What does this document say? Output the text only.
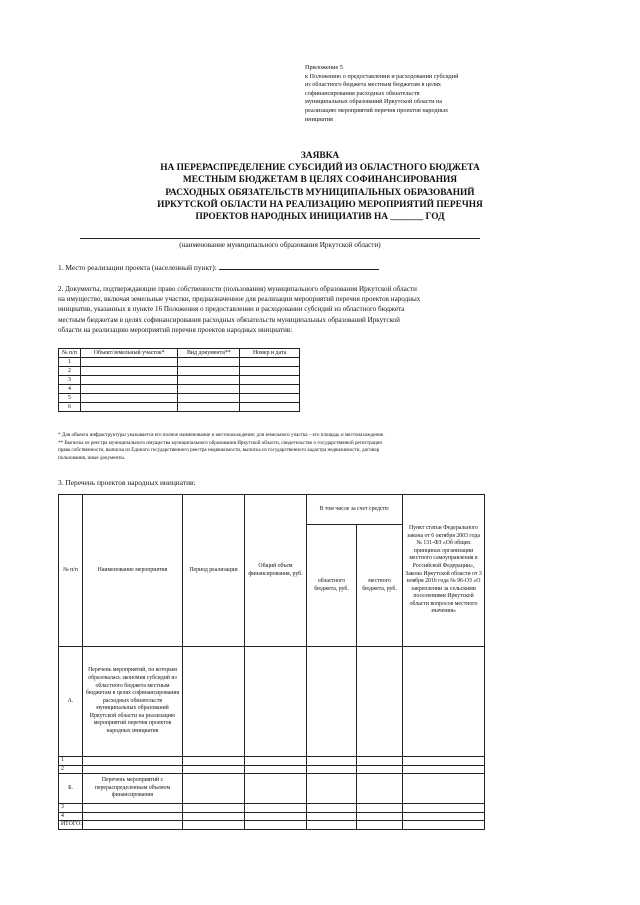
Приложение 5
к Положению о предоставлении и расходовании субсидий
из областного бюджета местным бюджетам в целях
софинансирования расходных обязательств
муниципальных образований Иркутской области на
реализацию мероприятий перечня проектов народных
инициатив
ЗАЯВКА
НА ПЕРЕРАСПРЕДЕЛЕНИЕ СУБСИДИЙ ИЗ ОБЛАСТНОГО БЮДЖЕТА
МЕСТНЫМ БЮДЖЕТАМ В ЦЕЛЯХ СОФИНАНСИРОВАНИЯ
РАСХОДНЫХ ОБЯЗАТЕЛЬСТВ МУНИЦИПАЛЬНЫХ ОБРАЗОВАНИЙ
ИРКУТСКОЙ ОБЛАСТИ НА РЕАЛИЗАЦИЮ МЕРОПРИЯТИЙ ПЕРЕЧНЯ
ПРОЕКТОВ НАРОДНЫХ ИНИЦИАТИВ НА _______ ГОД
(наименование муниципального образования Иркутской области)
1. Место реализации проекта (населенный пункт):
2. Документы, подтверждающие право собственности (пользования) муниципального образования Иркутской области
на имущество, включая земельные участки, предназначенное для реализации мероприятий перечня проектов народных
инициатив, указанных в пункте 16 Положения о предоставлении и расходовании субсидий из областного бюджета
местным бюджетам в целях софинансирования расходных обязательств муниципальных образований Иркутской
области на реализацию мероприятий перечня проектов народных инициатив:
№ п/п	Объект/земельный участок*	Вид документа**	Номер и дата
1			
2			
3			
4			
5			
6			
* Для объекта инфраструктуры указывается его полное наименование и местонахождение; для земельного участка – его площадь и местонахождение.
** Выписка из реестра муниципального имущества муниципального образования Иркутской области, свидетельство о государственной регистрации
права собственности, выписка из Единого государственного реестра недвижимости, выписка из государственного кадастра недвижимости, договор
пользования, иные документы.
3. Перечень проектов народных инициатив:
№ п/п	Наименование мероприятия	Период реализации	Общий объем финансирования, руб.	В том числе за счет средств:		Пункт статьи Федерального закона от 6 октября 2003 года № 131-ФЗ «Об общих принципах организации местного самоуправления в Российской Федерации», Закона Иркутской области от 3 ноября 2016 года № 96-ОЗ «О закреплении за сельскими поселениями Иркутской области вопросов местного значения»
				областного бюджета, руб.	местного бюджета, руб.	
А.	Перечень мероприятий, по которым образовалась экономия субсидий из областного бюджета местным бюджетам в целях софинансирования расходных обязательств муниципальных образований Иркутской области на реализацию мероприятий перечня проектов народных инициатив					
1						
2						
Б.	Перечень мероприятий с перераспределенным объемом финансирования					
3						
4						
ИТОГО:						
